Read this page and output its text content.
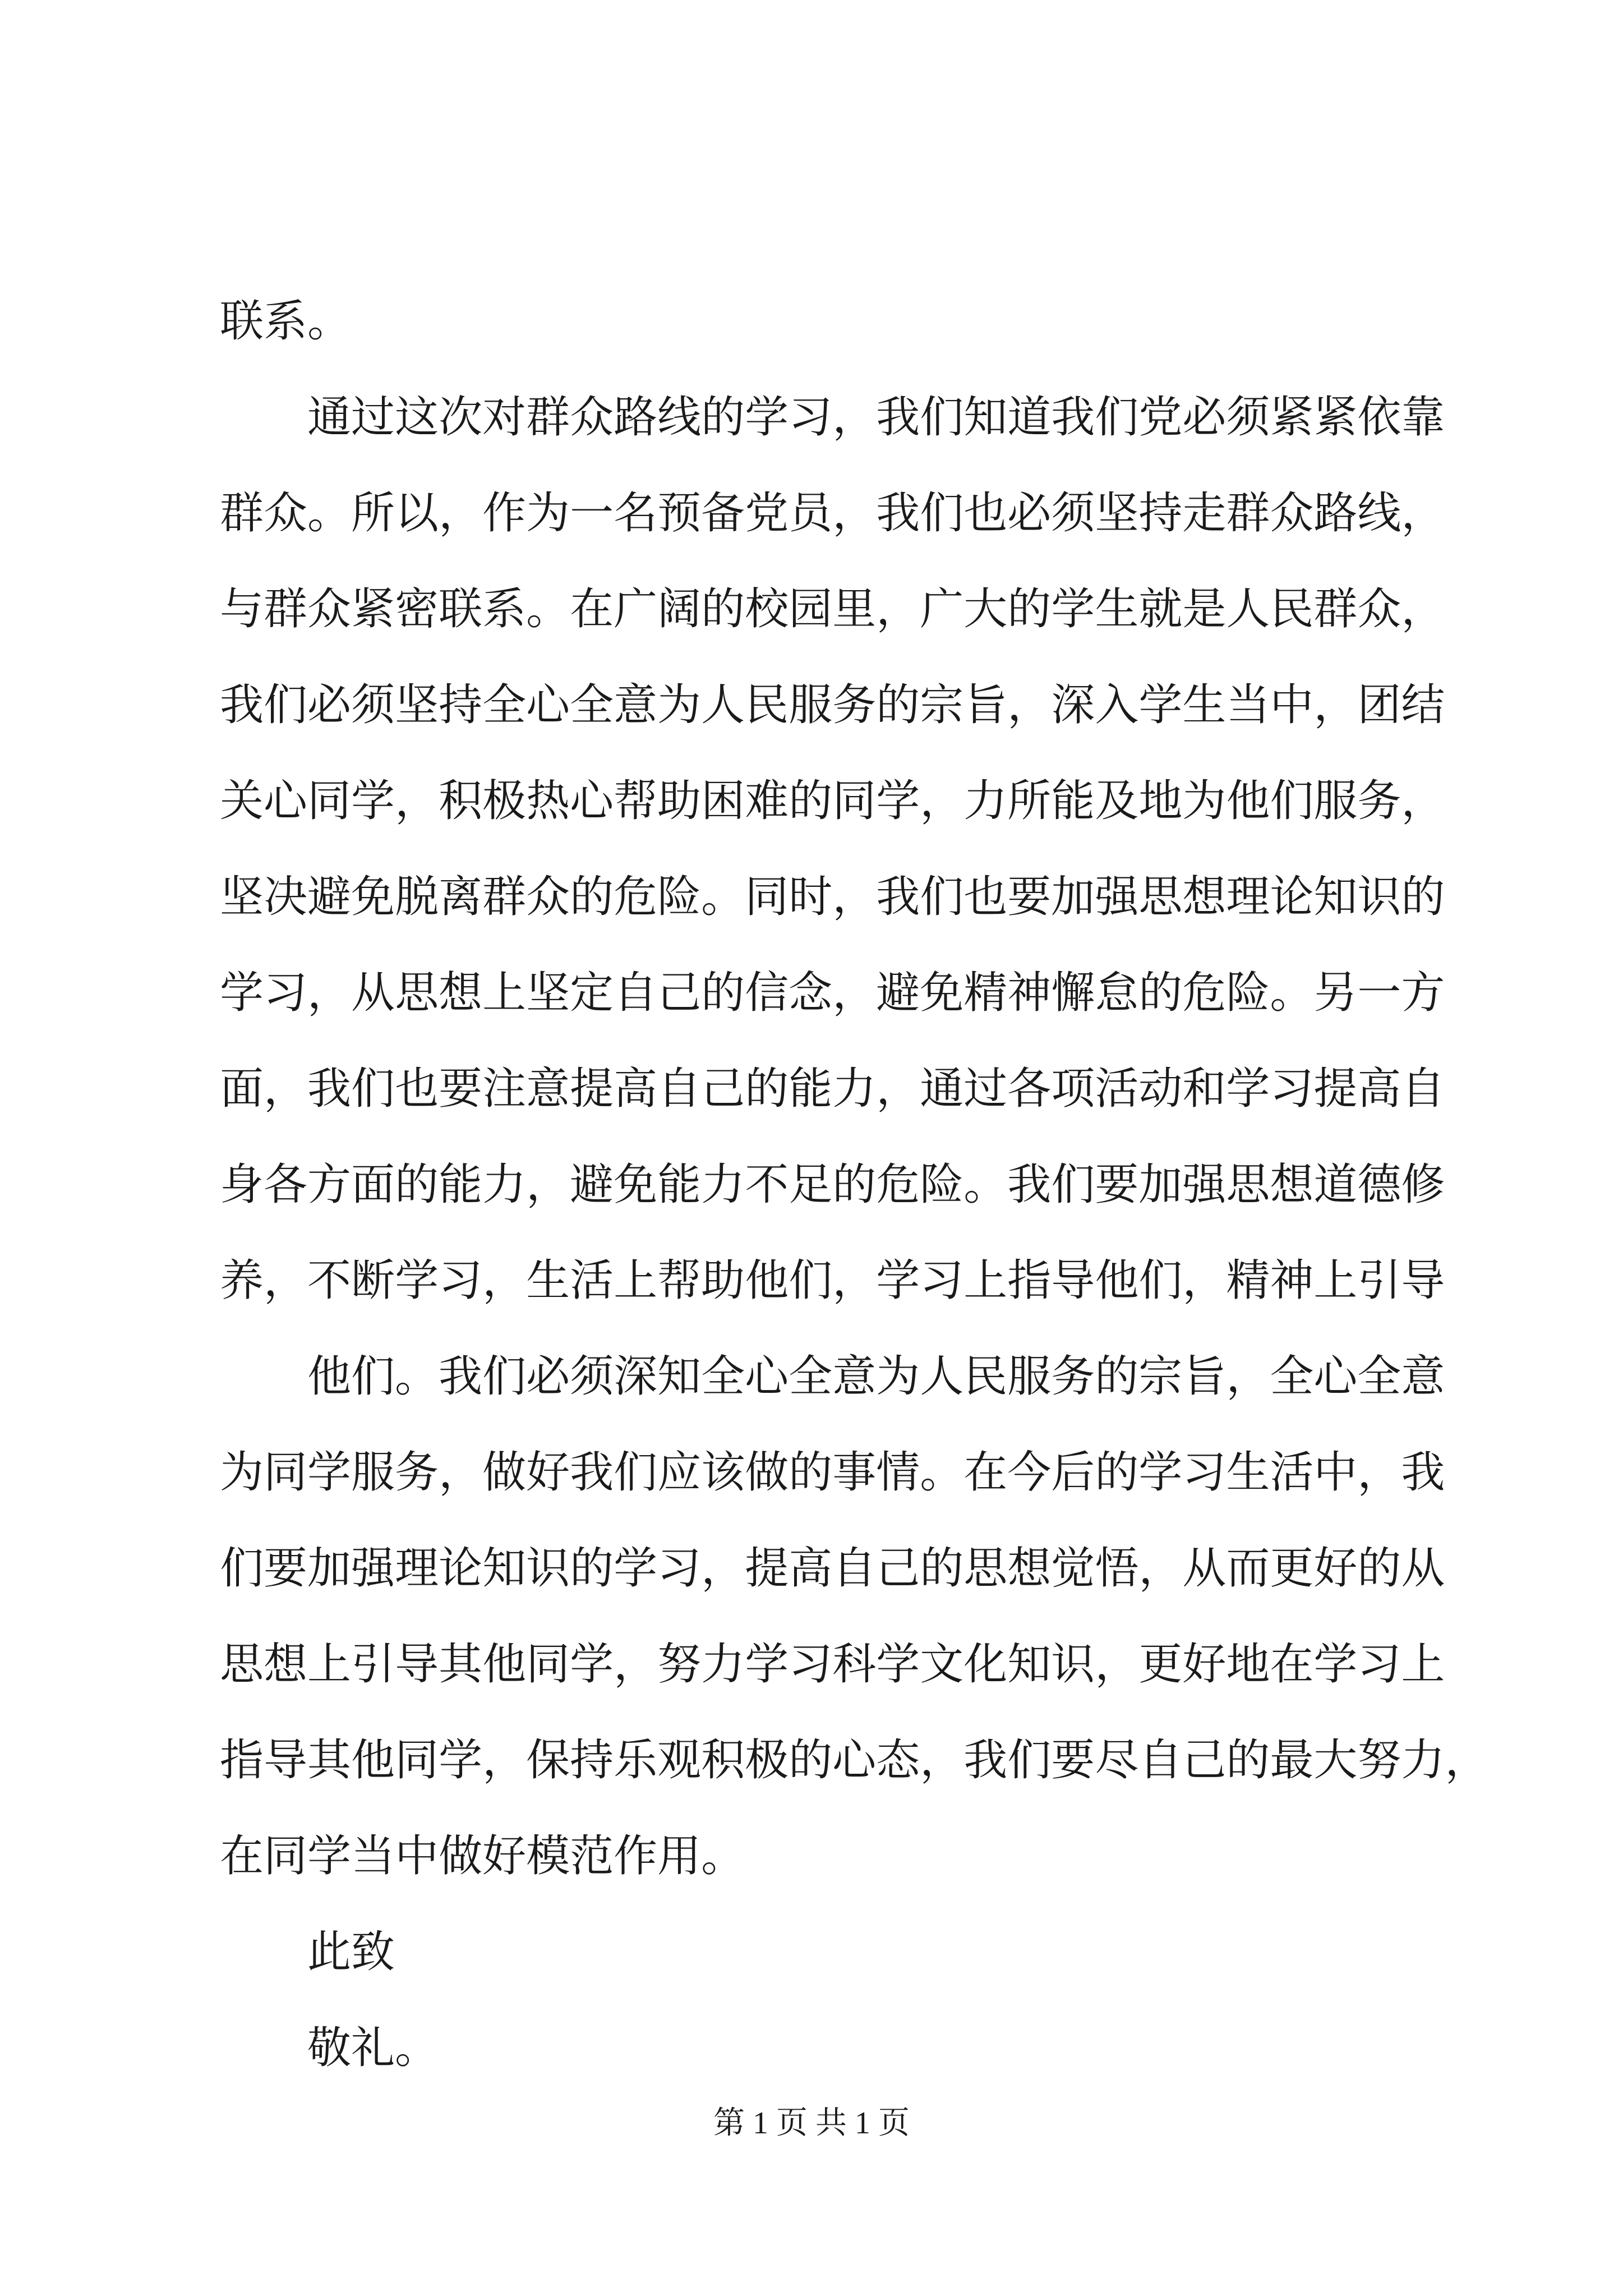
联 系 。
通 过 这 次 对 群 众 路 线 的 学 习 ， 我 们 知 道 我 们 党 必 须 紧 紧 依 靠
群 众 。 所 以 ， 作 为 一 名 预 备 党 员 ， 我 们 也 必 须 坚 持 走 群 众 路 线 ，
与 群 众 紧 密 联 系 。 在 广 阔 的 校 园 里 ， 广 大 的 学 生 就 是 人 民 群 众 ，
我 们 必 须 坚 持 全 心 全 意 为 人 民 服 务 的 宗 旨 ， 深 入 学 生 当 中 ， 团 结
关 心 同 学 ， 积 极 热 心 帮 助 困 难 的 同 学 ， 力 所 能 及 地 为 他 们 服 务 ，
坚 决 避 免 脱 离 群 众 的 危 险 。 同 时 ， 我 们 也 要 加 强 思 想 理 论 知 识 的
学 习 ， 从 思 想 上 坚 定 自 己 的 信 念 ， 避 免 精 神 懈 怠 的 危 险 。 另 一 方
面 ， 我 们 也 要 注 意 提 高 自 己 的 能 力 ， 通 过 各 项 活 动 和 学 习 提 高 自
身 各 方 面 的 能 力 ， 避 免 能 力 不 足 的 危 险 。 我 们 要 加 强 思 想 道 德 修
养 ， 不 断 学 习 ， 生 活 上 帮 助 他 们 ， 学 习 上 指 导 他 们 ， 精 神 上 引 导
他 们 。 我 们 必 须 深 知 全 心 全 意 为 人 民 服 务 的 宗 旨 ， 全 心 全 意
为 同 学 服 务 ， 做 好 我 们 应 该 做 的 事 情 。 在 今 后 的 学 习 生 活 中 ， 我
们 要 加 强 理 论 知 识 的 学 习 ， 提 高 自 己 的 思 想 觉 悟 ， 从 而 更 好 的 从
思 想 上 引 导 其 他 同 学 ， 努 力 学 习 科 学 文 化 知 识 ， 更 好 地 在 学 习 上
指 导 其 他 同 学 ， 保 持 乐 观 积 极 的 心 态 ， 我 们 要 尽 自 己 的 最 大 努 力 ，
在 同 学 当 中 做 好 模 范 作 用 。
此 致
敬 礼 。
第 1 页 共 1 页
